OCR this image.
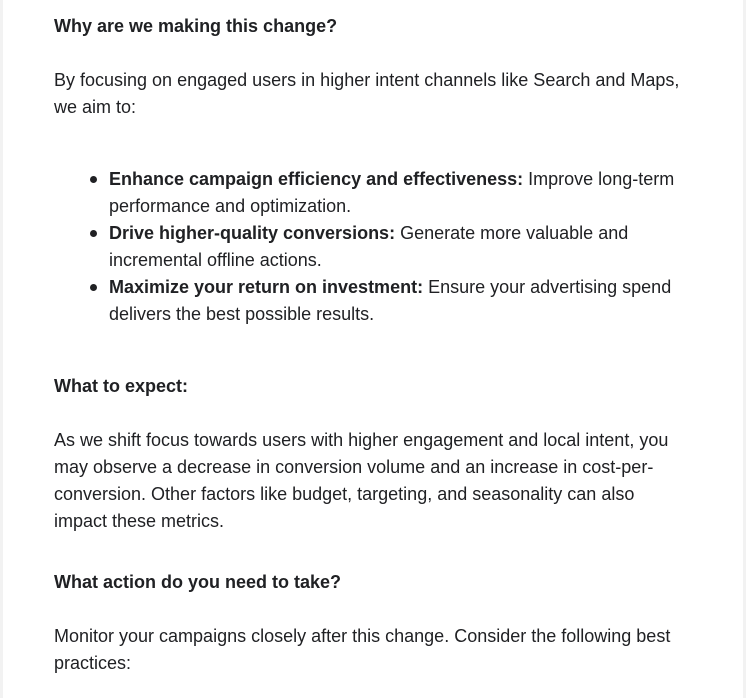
Why are we making this change?

By focusing on engaged users in higher intent channels like Search and Maps, we aim to:

Enhance campaign efficiency and effectiveness: Improve long-term performance and optimization.
Drive higher-quality conversions: Generate more valuable and incremental offline actions.
Maximize your return on investment: Ensure your advertising spend delivers the best possible results.
What to expect:

As we shift focus towards users with higher engagement and local intent, you may observe a decrease in conversion volume and an increase in cost-per-conversion. Other factors like budget, targeting, and seasonality can also impact these metrics.

What action do you need to take?

Monitor your campaigns closely after this change. Consider the following best practices:
